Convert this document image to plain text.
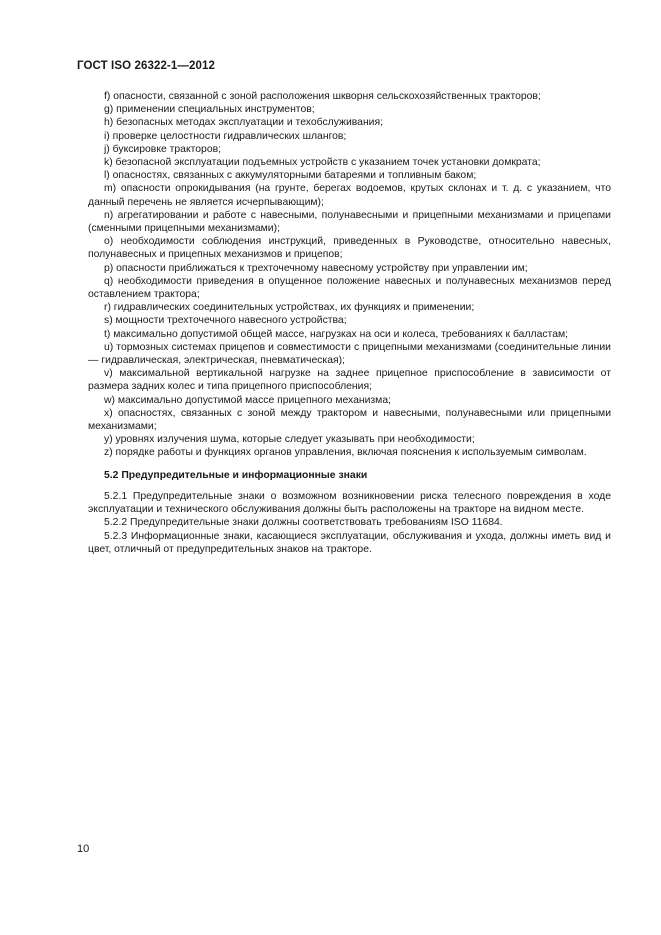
ГОСТ ISO 26322-1—2012

f) опасности, связанной с зоной расположения шкворня сельскохозяйственных тракторов;

g) применении специальных инструментов;

h) безопасных методах эксплуатации и техобслуживания;

i) проверке целостности гидравлических шлангов;

j) буксировке тракторов;

k) безопасной эксплуатации подъемных устройств с указанием точек установки домкрата;

l) опасностях, связанных с аккумуляторными батареями и топливным баком;

m) опасности опрокидывания (на грунте, берегах водоемов, крутых склонах и т. д. с указанием, что данный перечень не является исчерпывающим);

n) агрегатировании и работе с навесными, полунавесными и прицепными механизмами и прицепами (сменными прицепными механизмами);

o) необходимости соблюдения инструкций, приведенных в Руководстве, относительно навесных, полунавесных и прицепных механизмов и прицепов;

p) опасности приближаться к трехточечному навесному устройству при управлении им;

q) необходимости приведения в опущенное положение навесных и полунавесных механизмов перед оставлением трактора;

r) гидравлических соединительных устройствах, их функциях и применении;

s) мощности трехточечного навесного устройства;

t) максимально допустимой общей массе, нагрузках на оси и колеса, требованиях к балластам;

u) тормозных системах прицепов и совместимости с прицепными механизмами (соединительные линии — гидравлическая, электрическая, пневматическая);

v) максимальной вертикальной нагрузке на заднее прицепное приспособление в зависимости от размера задних колес и типа прицепного приспособления;

w) максимально допустимой массе прицепного механизма;

x) опасностях, связанных с зоной между трактором и навесными, полунавесными или прицепными механизмами;

y) уровнях излучения шума, которые следует указывать при необходимости;

z) порядке работы и функциях органов управления, включая пояснения к используемым символам.

5.2 Предупредительные и информационные знаки

5.2.1 Предупредительные знаки о возможном возникновении риска телесного повреждения в ходе эксплуатации и технического обслуживания должны быть расположены на тракторе на видном месте.

5.2.2 Предупредительные знаки должны соответствовать требованиям ISO 11684.

5.2.3 Информационные знаки, касающиеся эксплуатации, обслуживания и ухода, должны иметь вид и цвет, отличный от предупредительных знаков на тракторе.

10
